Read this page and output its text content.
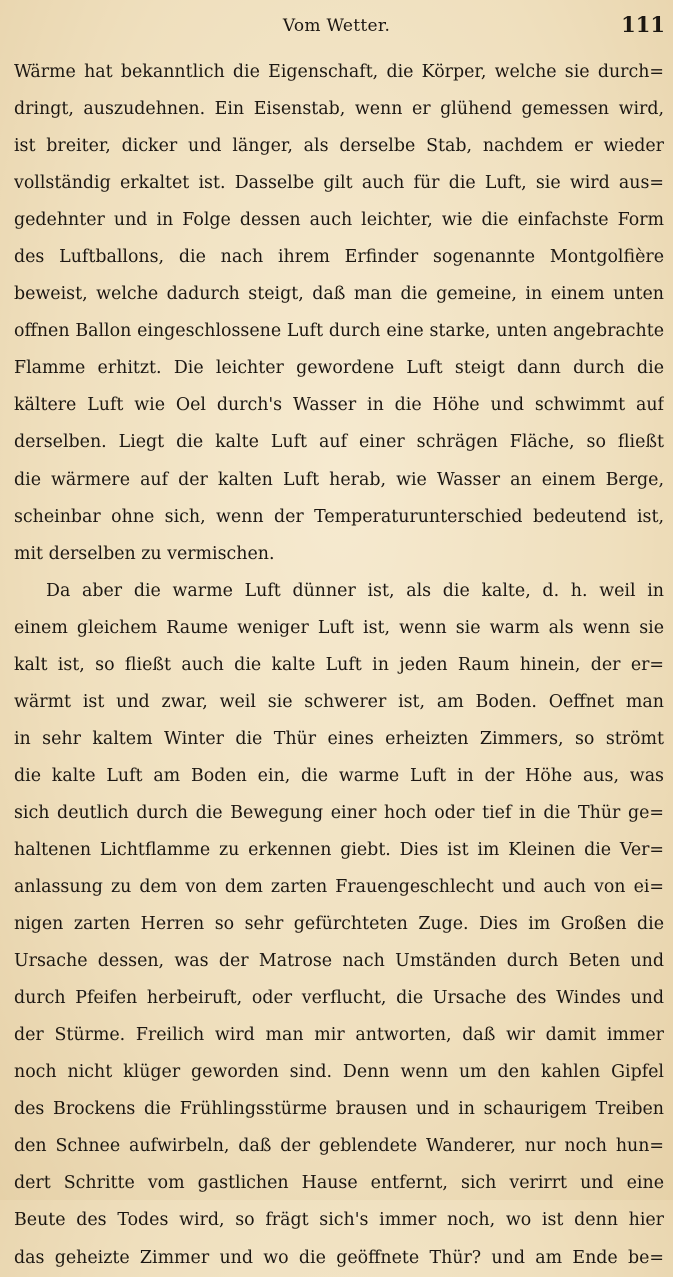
Vom Wetter.	111
Wärme hat bekanntlich die Eigenschaft, die Körper, welche sie durch=
dringt, auszudehnen. Ein Eisenstab, wenn er glühend gemessen wird,
ist breiter, dicker und länger, als derselbe Stab, nachdem er wieder
vollständig erkaltet ist. Dasselbe gilt auch für die Luft, sie wird aus=
gedehnter und in Folge dessen auch leichter, wie die einfachste Form
des Luftballons, die nach ihrem Erfinder sogenannte Montgolfière
beweist, welche dadurch steigt, daß man die gemeine, in einem unten
offnen Ballon eingeschlossene Luft durch eine starke, unten angebrachte
Flamme erhitzt. Die leichter gewordene Luft steigt dann durch die
kältere Luft wie Oel durch's Wasser in die Höhe und schwimmt auf
derselben. Liegt die kalte Luft auf einer schrägen Fläche, so fließt
die wärmere auf der kalten Luft herab, wie Wasser an einem Berge,
scheinbar ohne sich, wenn der Temperaturunterschied bedeutend ist,
mit derselben zu vermischen.
Da aber die warme Luft dünner ist, als die kalte, d. h. weil in
einem gleichem Raume weniger Luft ist, wenn sie warm als wenn sie
kalt ist, so fließt auch die kalte Luft in jeden Raum hinein, der er=
wärmt ist und zwar, weil sie schwerer ist, am Boden. Oeffnet man
in sehr kaltem Winter die Thür eines erheizten Zimmers, so strömt
die kalte Luft am Boden ein, die warme Luft in der Höhe aus, was
sich deutlich durch die Bewegung einer hoch oder tief in die Thür ge=
haltenen Lichtflamme zu erkennen giebt. Dies ist im Kleinen die Ver=
anlassung zu dem von dem zarten Frauengeschlecht und auch von ei=
nigen zarten Herren so sehr gefürchteten Zuge. Dies im Großen die
Ursache dessen, was der Matrose nach Umständen durch Beten und
durch Pfeifen herbeiruft, oder verflucht, die Ursache des Windes und
der Stürme. Freilich wird man mir antworten, daß wir damit immer
noch nicht klüger geworden sind. Denn wenn um den kahlen Gipfel
des Brockens die Frühlingsstürme brausen und in schaurigem Treiben
den Schnee aufwirbeln, daß der geblendete Wanderer, nur noch hun=
dert Schritte vom gastlichen Hause entfernt, sich verirrt und eine
Beute des Todes wird, so frägt sich's immer noch, wo ist denn hier
das geheizte Zimmer und wo die geöffnete Thür? und am Ende be=
